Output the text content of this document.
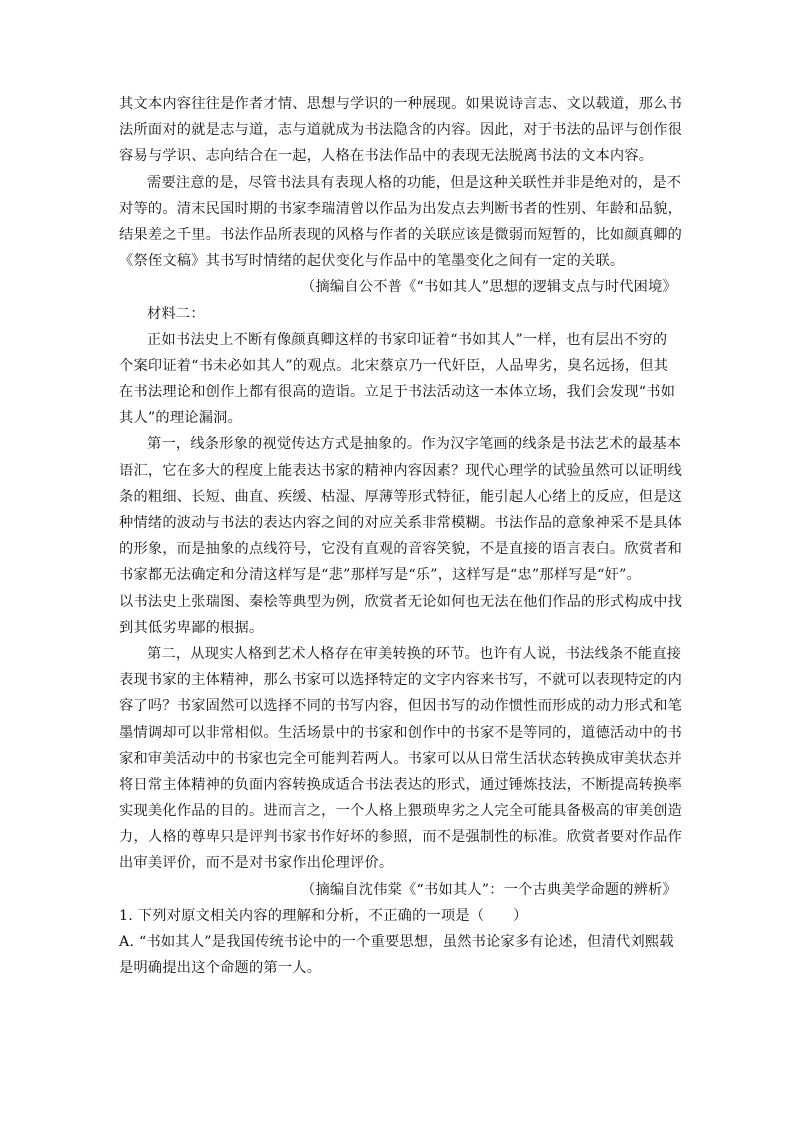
其文本内容往往是作者才情、思想与学识的一种展现。如果说诗言志、文以载道，那么书
法所面对的就是志与道，志与道就成为书法隐含的内容。因此，对于书法的品评与创作很
容易与学识、志向结合在一起，人格在书法作品中的表现无法脱离书法的文本内容。
需要注意的是，尽管书法具有表现人格的功能，但是这种关联性并非是绝对的，是不
对等的。清末民国时期的书家李瑞清曾以作品为出发点去判断书者的性别、年龄和品貌，
结果差之千里。书法作品所表现的风格与作者的关联应该是微弱而短暂的，比如颜真卿的
《祭侄文稿》其书写时情绪的起伏变化与作品中的笔墨变化之间有一定的关联。
（摘编自公不普《“书如其人”思想的逻辑支点与时代困境》
材料二：
正如书法史上不断有像颜真卿这样的书家印证着“书如其人”一样，也有层出不穷的
个案印证着“书未必如其人”的观点。北宋蔡京乃一代奸臣，人品卑劣，臭名远扬，但其
在书法理论和创作上都有很高的造诣。立足于书法活动这一本体立场，我们会发现“书如
其人”的理论漏洞。
第一，线条形象的视觉传达方式是抽象的。作为汉字笔画的线条是书法艺术的最基本
语汇，它在多大的程度上能表达书家的精神内容因素？现代心理学的试验虽然可以证明线
条的粗细、长短、曲直、疾缓、枯湿、厚薄等形式特征，能引起人心绪上的反应，但是这
种情绪的波动与书法的表达内容之间的对应关系非常模糊。书法作品的意象神采不是具体
的形象，而是抽象的点线符号，它没有直观的音容笑貌，不是直接的语言表白。欣赏者和
书家都无法确定和分清这样写是“悲”那样写是“乐”，这样写是“忠”那样写是“奸”。
以书法史上张瑞图、秦桧等典型为例，欣赏者无论如何也无法在他们作品的形式构成中找
到其低劣卑鄙的根据。
第二，从现实人格到艺术人格存在审美转换的环节。也许有人说，书法线条不能直接
表现书家的主体精神，那么书家可以选择特定的文字内容来书写，不就可以表现特定的内
容了吗？书家固然可以选择不同的书写内容，但因书写的动作惯性而形成的动力形式和笔
墨情调却可以非常相似。生活场景中的书家和创作中的书家不是等同的，道德活动中的书
家和审美活动中的书家也完全可能判若两人。书家可以从日常生活状态转换成审美状态并
将日常主体精神的负面内容转换成适合书法表达的形式，通过锤炼技法，不断提高转换率
实现美化作品的目的。进而言之，一个人格上猥琐卑劣之人完全可能具备极高的审美创造
力，人格的尊卑只是评判书家书作好坏的参照，而不是强制性的标准。欣赏者要对作品作
出审美评价，而不是对书家作出伦理评价。
（摘编自沈伟棠《“书如其人”：一个古典美学命题的辨析》
1. 下列对原文相关内容的理解和分析，不正确的一项是（　　）
A. “书如其人”是我国传统书论中的一个重要思想，虽然书论家多有论述，但清代刘熙载
是明确提出这个命题的第一人。
